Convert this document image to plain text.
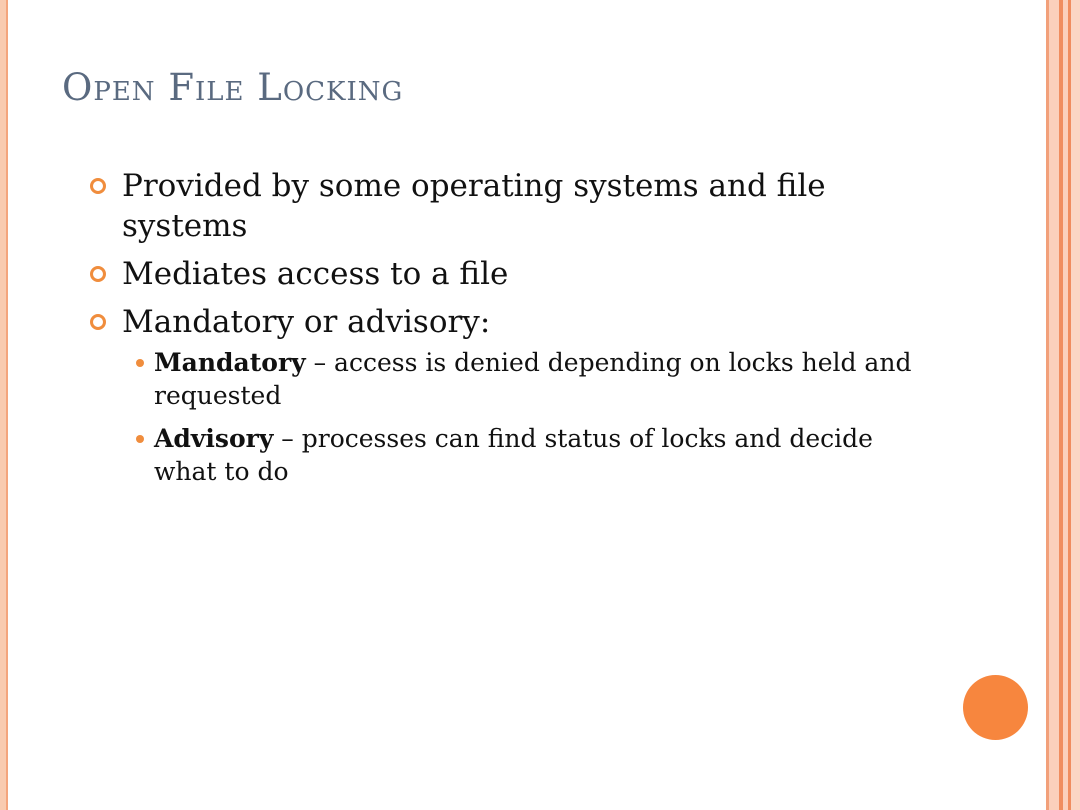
Open File Locking
Provided by some operating systems and file systems
Mediates access to a file
Mandatory or advisory:
Mandatory – access is denied depending on locks held and requested
Advisory – processes can find status of locks and decide what to do
